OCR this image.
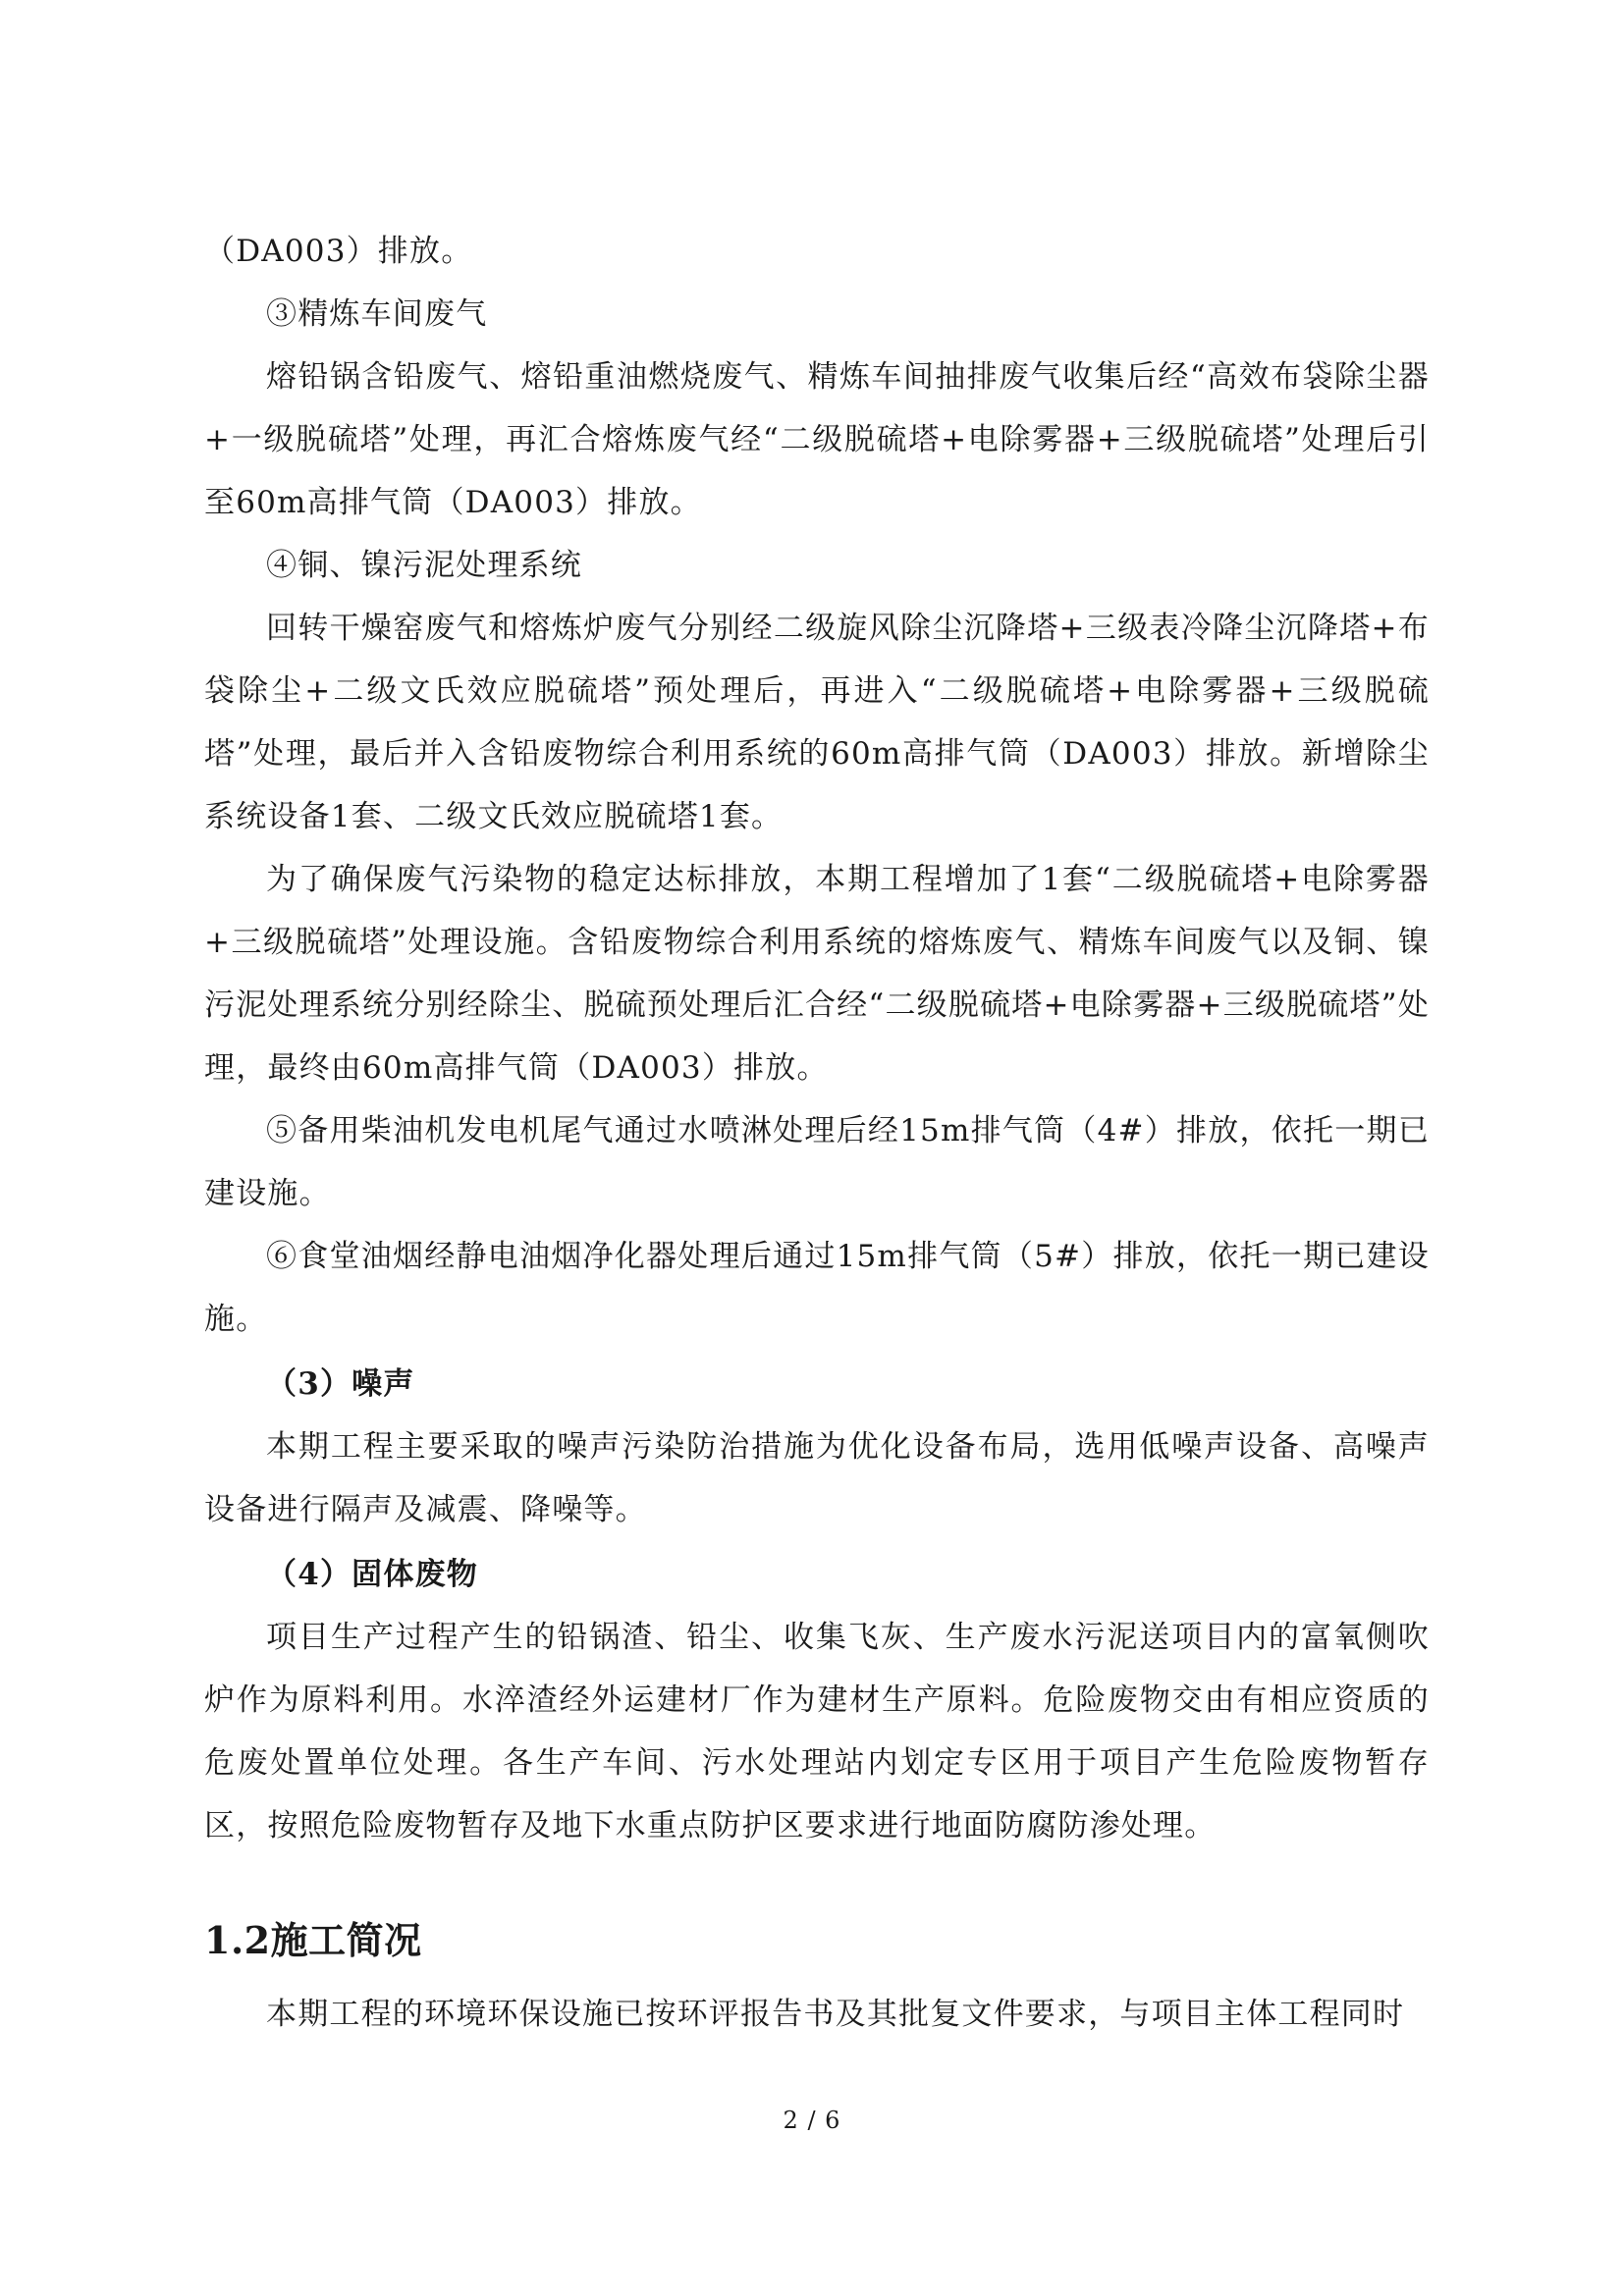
（DA003）排放。

③精炼车间废气

熔铅锅含铅废气、熔铅重油燃烧废气、精炼车间抽排废气收集后经“高效布袋除尘器+一级脱硫塔”处理，再汇合熔炼废气经“二级脱硫塔+电除雾器+三级脱硫塔”处理后引至60m高排气筒（DA003）排放。

④铜、镍污泥处理系统

回转干燥窑废气和熔炼炉废气分别经二级旋风除尘沉降塔+三级表冷降尘沉降塔+布袋除尘+二级文氏效应脱硫塔”预处理后，再进入“二级脱硫塔+电除雾器+三级脱硫塔”处理，最后并入含铅废物综合利用系统的60m高排气筒（DA003）排放。新增除尘系统设备1套、二级文氏效应脱硫塔1套。

为了确保废气污染物的稳定达标排放，本期工程增加了1套“二级脱硫塔+电除雾器+三级脱硫塔”处理设施。含铅废物综合利用系统的熔炼废气、精炼车间废气以及铜、镍污泥处理系统分别经除尘、脱硫预处理后汇合经“二级脱硫塔+电除雾器+三级脱硫塔”处理，最终由60m高排气筒（DA003）排放。

⑤备用柴油机发电机尾气通过水喷淋处理后经15m排气筒（4#）排放，依托一期已建设施。

⑥食堂油烟经静电油烟净化器处理后通过15m排气筒（5#）排放，依托一期已建设施。

（3）噪声

本期工程主要采取的噪声污染防治措施为优化设备布局，选用低噪声设备、高噪声设备进行隔声及减震、降噪等。

（4）固体废物

项目生产过程产生的铅锅渣、铅尘、收集飞灰、生产废水污泥送项目内的富氧侧吹炉作为原料利用。水淬渣经外运建材厂作为建材生产原料。危险废物交由有相应资质的危废处置单位处理。各生产车间、污水处理站内划定专区用于项目产生危险废物暂存区，按照危险废物暂存及地下水重点防护区要求进行地面防腐防渗处理。

1.2施工简况

本期工程的环境环保设施已按环评报告书及其批复文件要求，与项目主体工程同时

2 / 6
